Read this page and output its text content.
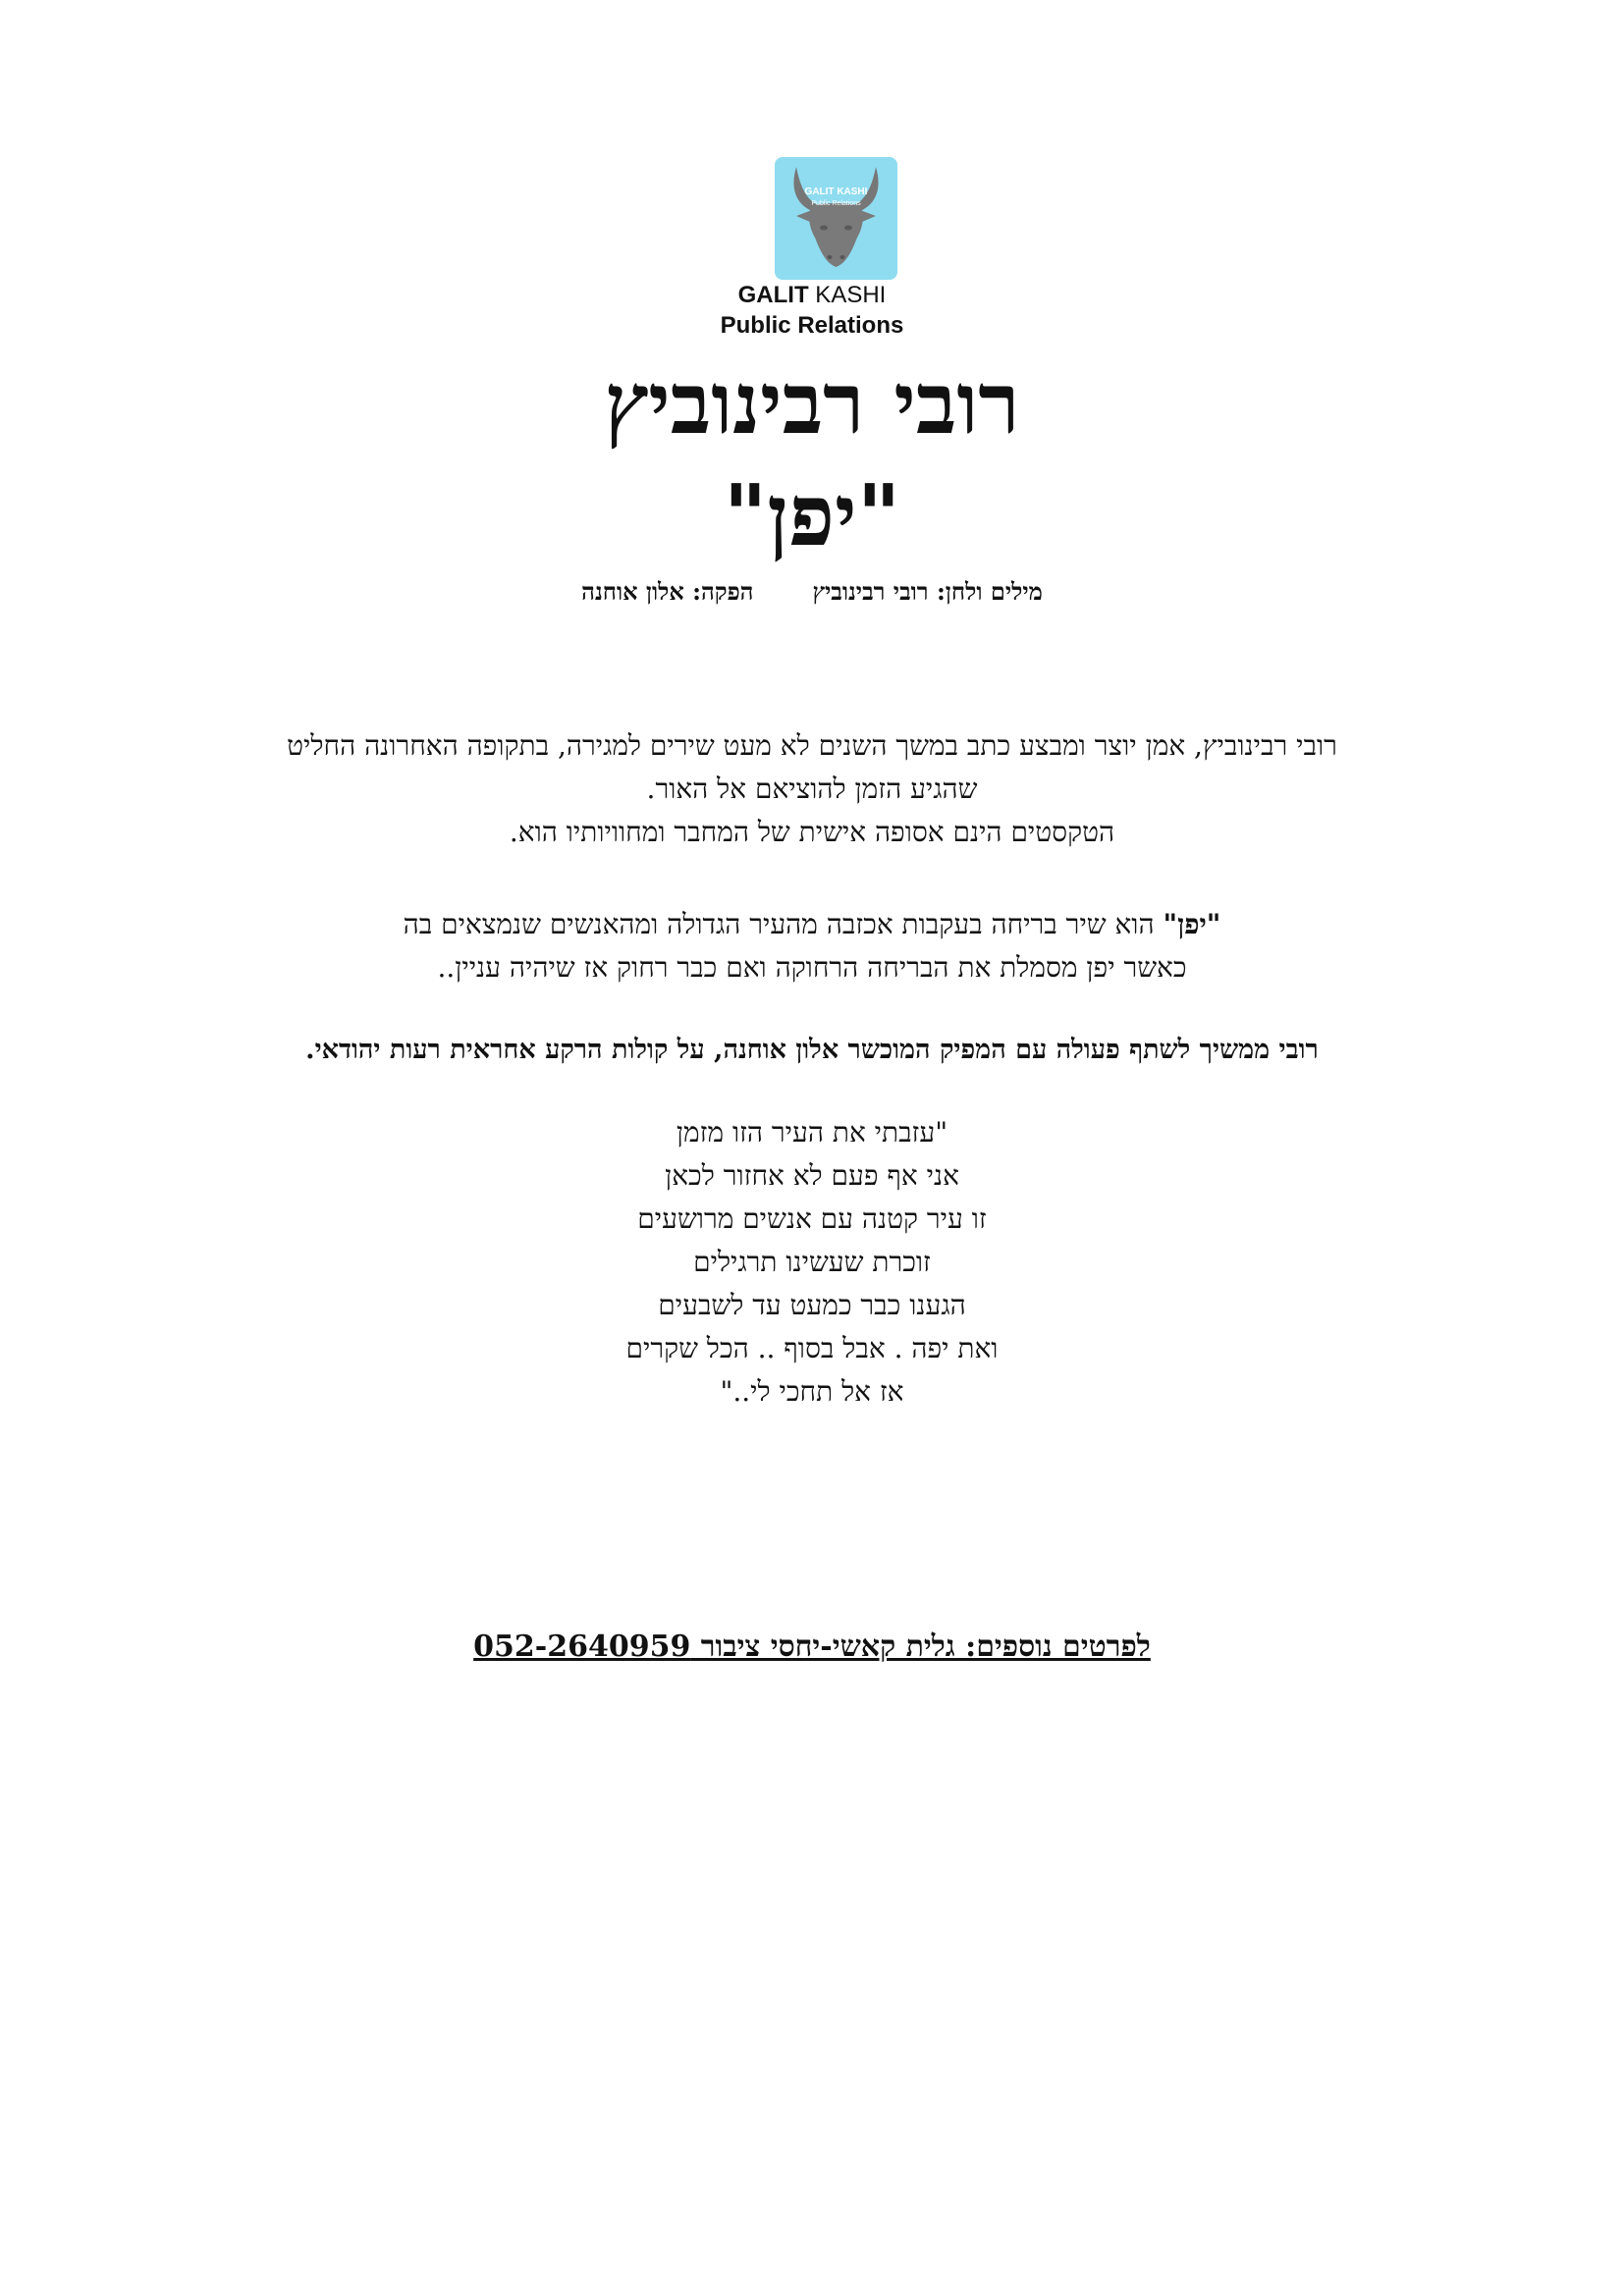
GALIT KASHI
Public Relations
GALIT KASHI
Public Relations
רובי רבינוביץ
"יפן"
מילים ולחן: רובי רבינוביץהפקה: אלון אוחנה

רובי רבינוביץ, אמן יוצר ומבצע כתב במשך השנים לא מעט שירים למגירה, בתקופה האחרונה החליט

שהגיע הזמן להוציאם אל האור.

הטקסטים הינם אסופה אישית של המחבר ומחוויותיו הוא.

"יפן" הוא שיר בריחה בעקבות אכזבה מהעיר הגדולה ומהאנשים שנמצאים בה

כאשר יפן מסמלת את הבריחה הרחוקה ואם כבר רחוק אז שיהיה עניין..

רובי ממשיך לשתף פעולה עם המפיק המוכשר אלון אוחנה, על קולות הרקע אחראית רעות יהודאי.
"עזבתי את העיר הזו מזמן
אני אף פעם לא אחזור לכאן
זו עיר קטנה עם אנשים מרושעים
זוכרת שעשינו תרגילים
הגענו כבר כמעט עד לשבעים
ואת יפה . אבל בסוף .. הכל שקרים
אז אל תחכי לי.."
לפרטים נוספים: גלית קאשי-יחסי ציבור 052-2640959
